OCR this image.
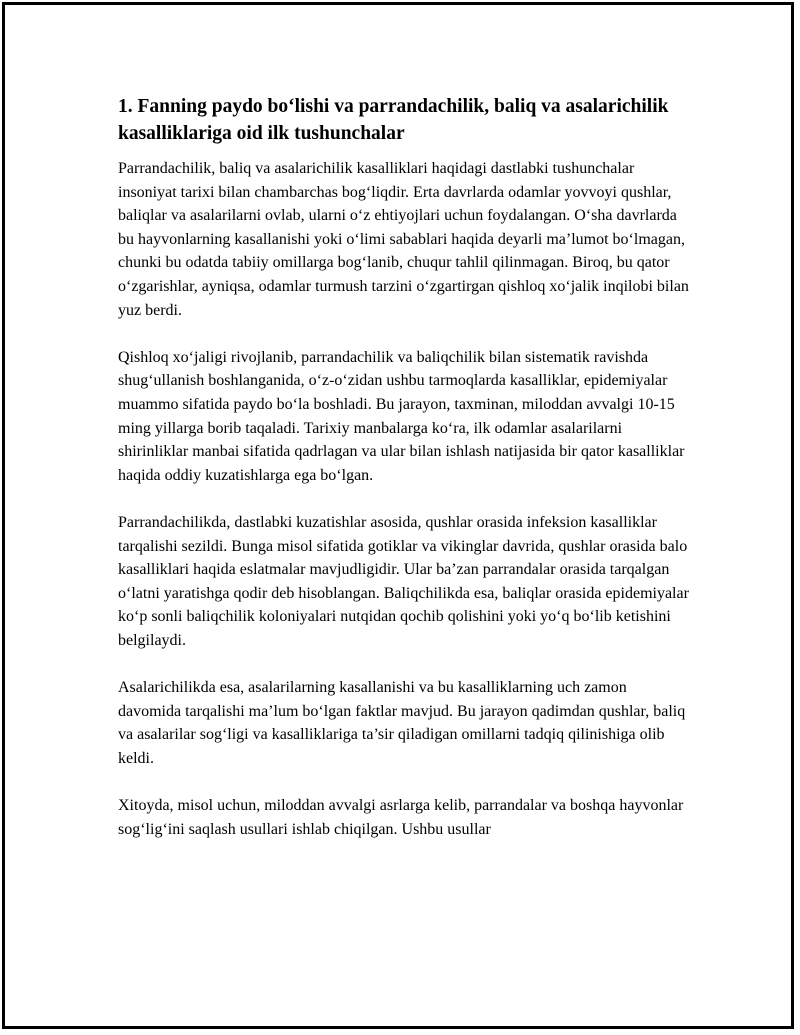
1. Fanning paydo bo‘lishi va parrandachilik, baliq va asalarichilik kasalliklariga oid ilk tushunchalar

Parrandachilik, baliq va asalarichilik kasalliklari haqidagi dastlabki tushunchalar insoniyat tarixi bilan chambarchas bog‘liqdir. Erta davrlarda odamlar yovvoyi qushlar, baliqlar va asalarilarni ovlab, ularni o‘z ehtiyojlari uchun foydalangan. O‘sha davrlarda bu hayvonlarning kasallanishi yoki o‘limi sabablari haqida deyarli ma’lumot bo‘lmagan, chunki bu odatda tabiiy omillarga bog‘lanib, chuqur tahlil qilinmagan. Biroq, bu qator o‘zgarishlar, ayniqsa, odamlar turmush tarzini o‘zgartirgan qishloq xo‘jalik inqilobi bilan yuz berdi.

Qishloq xo‘jaligi rivojlanib, parrandachilik va baliqchilik bilan sistematik ravishda shug‘ullanish boshlanganida, o‘z-o‘zidan ushbu tarmoqlarda kasalliklar, epidemiyalar muammo sifatida paydo bo‘la boshladi. Bu jarayon, taxminan, miloddan avvalgi 10-15 ming yillarga borib taqaladi. Tarixiy manbalarga ko‘ra, ilk odamlar asalarilarni shirinliklar manbai sifatida qadrlagan va ular bilan ishlash natijasida bir qator kasalliklar haqida oddiy kuzatishlarga ega bo‘lgan.

Parrandachilikda, dastlabki kuzatishlar asosida, qushlar orasida infeksion kasalliklar tarqalishi sezildi. Bunga misol sifatida gotiklar va vikinglar davrida, qushlar orasida balo kasalliklari haqida eslatmalar mavjudligidir. Ular ba’zan parrandalar orasida tarqalgan o‘latni yaratishga qodir deb hisoblangan. Baliqchilikda esa, baliqlar orasida epidemiyalar ko‘p sonli baliqchilik koloniyalari nutqidan qochib qolishini yoki yo‘q bo‘lib ketishini belgilaydi.

Asalarichilikda esa, asalarilarning kasallanishi va bu kasalliklarning uch zamon davomida tarqalishi ma’lum bo‘lgan faktlar mavjud. Bu jarayon qadimdan qushlar, baliq va asalarilar sog‘ligi va kasalliklariga ta’sir qiladigan omillarni tadqiq qilinishiga olib keldi.

Xitoyda, misol uchun, miloddan avvalgi asrlarga kelib, parrandalar va boshqa hayvonlar sog‘lig‘ini saqlash usullari ishlab chiqilgan. Ushbu usullar
